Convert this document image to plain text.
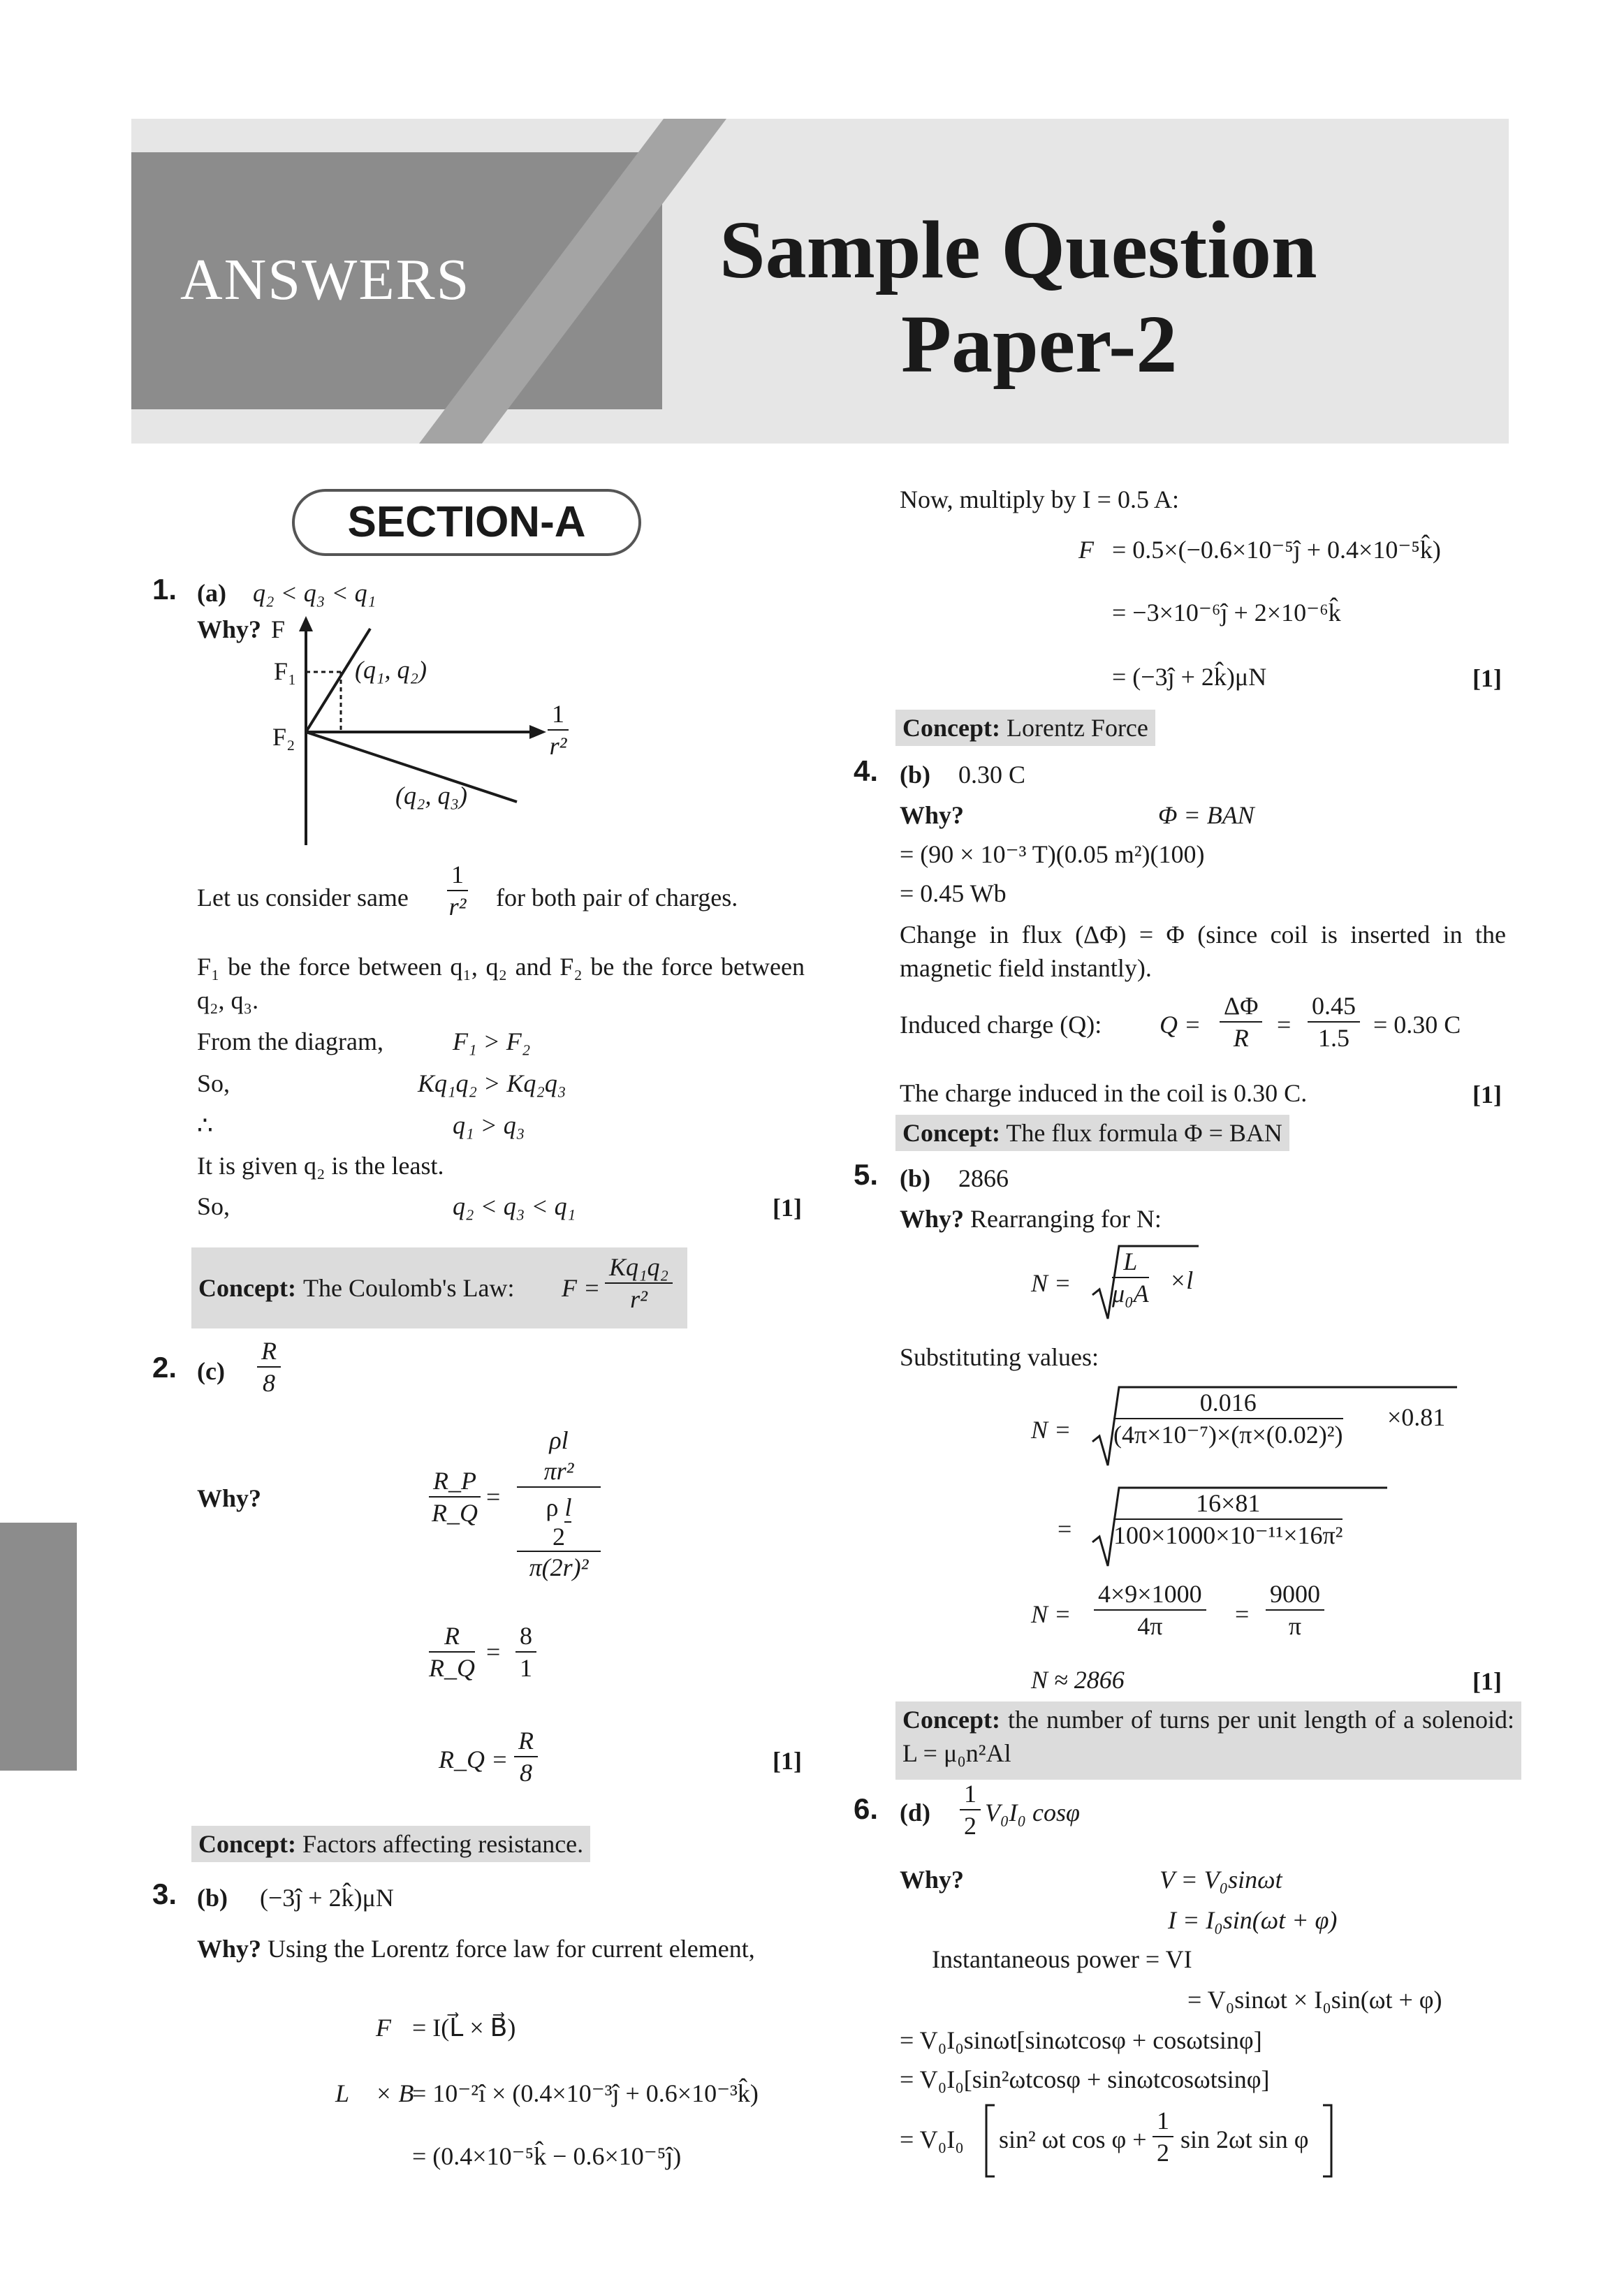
ANSWERS	Sample Question
Paper-2
SECTION-A
1. (a) q₂ < q₃ < q₁
Why? F
F₁
F₂
(q₁, q₂)
(q₂, q₃)
$\frac{1}{\text{r²}}$
Let us consider same $\frac{1}{\text{r²}}$ for both pair of charges.
F₁ be the force between q₁, q₂ and F₂ be the force between q₂, q₃.
From the diagram,	F₁ > F₂
So,	Kq₁q₂ > Kq₂q₃
∴	q₁ > q₃
It is given q₂ is the least.
So,	q₂ < q₃ < q₁	[1]
Concept: The Coulomb's Law: $F = \frac{\text{Kq₁q₂}}{\text{r²}}$
2. $(c) \frac{R}{8}$
Why?	$\frac{R\_P}{R\_Q}$ =
ρl
πr²
ρ l
2
π(2r)²
$\frac{R}{R\_Q} = \frac{8}{1}$
R_Q = $\frac{R}{8}$	[1]
Concept: Factors affecting resistance.
3. (b) (−3ĵ + 2k̂)μN
Why? Using the Lorentz force law for current element,
F⃗ = I(L⃗ × B⃗)
L⃗ × B⃗
= 10⁻²î × (0.4×10⁻³ĵ + 0.6×10⁻³k̂)
= (0.4×10⁻⁵k̂ − 0.6×10⁻⁵ĵ)
Now, multiply by I = 0.5 A:
F⃗
= 0.5×(−0.6×10⁻⁵ĵ + 0.4×10⁻⁵k̂)
= −3×10⁻⁶ĵ + 2×10⁻⁶k̂
= (−3ĵ + 2k̂)μN	[1]
Concept: Lorentz Force
4. (b) 0.30 C
Why?	Φ = BAN
= (90 × 10⁻³ T)(0.05 m²)(100)
= 0.45 Wb
Change in flux (ΔΦ) = Φ (since coil is inserted in the magnetic field instantly).
Induced charge (Q): $Q = \frac{\Delta\Phi}{R} = \frac{0.45}{1.5} = 0.30$ C
The charge induced in the coil is 0.30 C.	[1]
Concept: The flux formula Φ = BAN
5. (b) 2866
Why? Rearranging for N:
$N = \frac{L}{\text{μ₀A}} \times l$
Substituting values:
$N = \frac{0.016}{\text{(4π×10⁻⁷)×(π×(0.02)²)}} \times 0.81$
= $\frac{16\times 81}{\text{100×1000×10⁻¹¹×16π²}}$
$N = \frac{4\times 9\times 1000}{4\pi} = \frac{9000}{\pi}$
N ≈ 2866	[1]
Concept: the number of turns per unit length of a solenoid: L = μ₀n²Al
6. $(d) \frac{1}{2} V_0I_0$ cosφ
Why?	V = V₀sinωt
I = I₀sin(ωt + φ)
Instantaneous power = VI
= V₀sinωt × I₀sin(ωt + φ)
= V₀I₀sinωt[sinωtcosφ + cosωtsinφ]
= V₀I₀[sin²ωtcosφ + sinωtcosωtsinφ]
= V₀I₀ sin² ωt $\cos \varphi + \frac{1}{2}$ sin 2ωt sin φ
